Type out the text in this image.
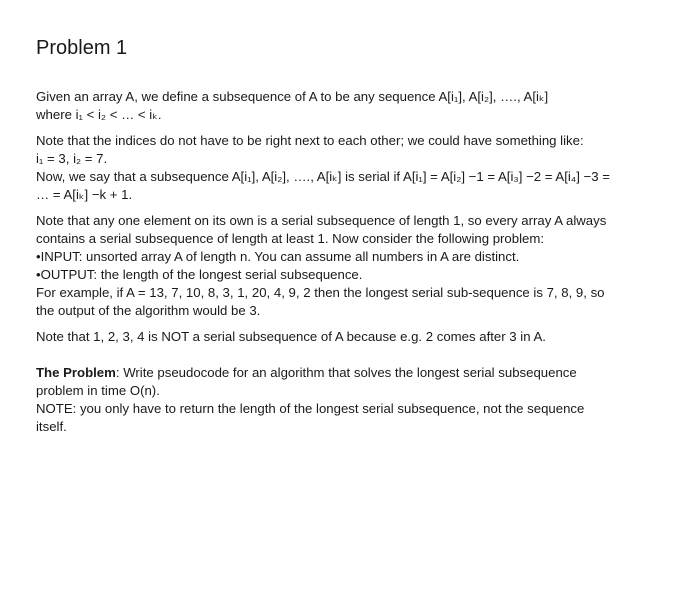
Problem 1
Given an array A, we define a subsequence of A to be any sequence A[i₁], A[i₂], …., A[iₖ]
where i₁ < i₂ < … < iₖ.
Note that the indices do not have to be right next to each other; we could have something like:
i₁ = 3, i₂ = 7.
Now, we say that a subsequence A[i₁], A[i₂], …., A[iₖ] is serial if A[i₁] = A[i₂] −1 = A[i₃] −2 = A[i₄] −3 =
… = A[iₖ] −k + 1.
Note that any one element on its own is a serial subsequence of length 1, so every array A always
contains a serial subsequence of length at least 1. Now consider the following problem:
•INPUT: unsorted array A of length n. You can assume all numbers in A are distinct.
•OUTPUT: the length of the longest serial subsequence.
For example, if A = 13, 7, 10, 8, 3, 1, 20, 4, 9, 2 then the longest serial sub-sequence is 7, 8, 9, so
the output of the algorithm would be 3.
Note that 1, 2, 3, 4 is NOT a serial subsequence of A because e.g. 2 comes after 3 in A.
The Problem: Write pseudocode for an algorithm that solves the longest serial subsequence
problem in time O(n).
NOTE: you only have to return the length of the longest serial subsequence, not the sequence
itself.
